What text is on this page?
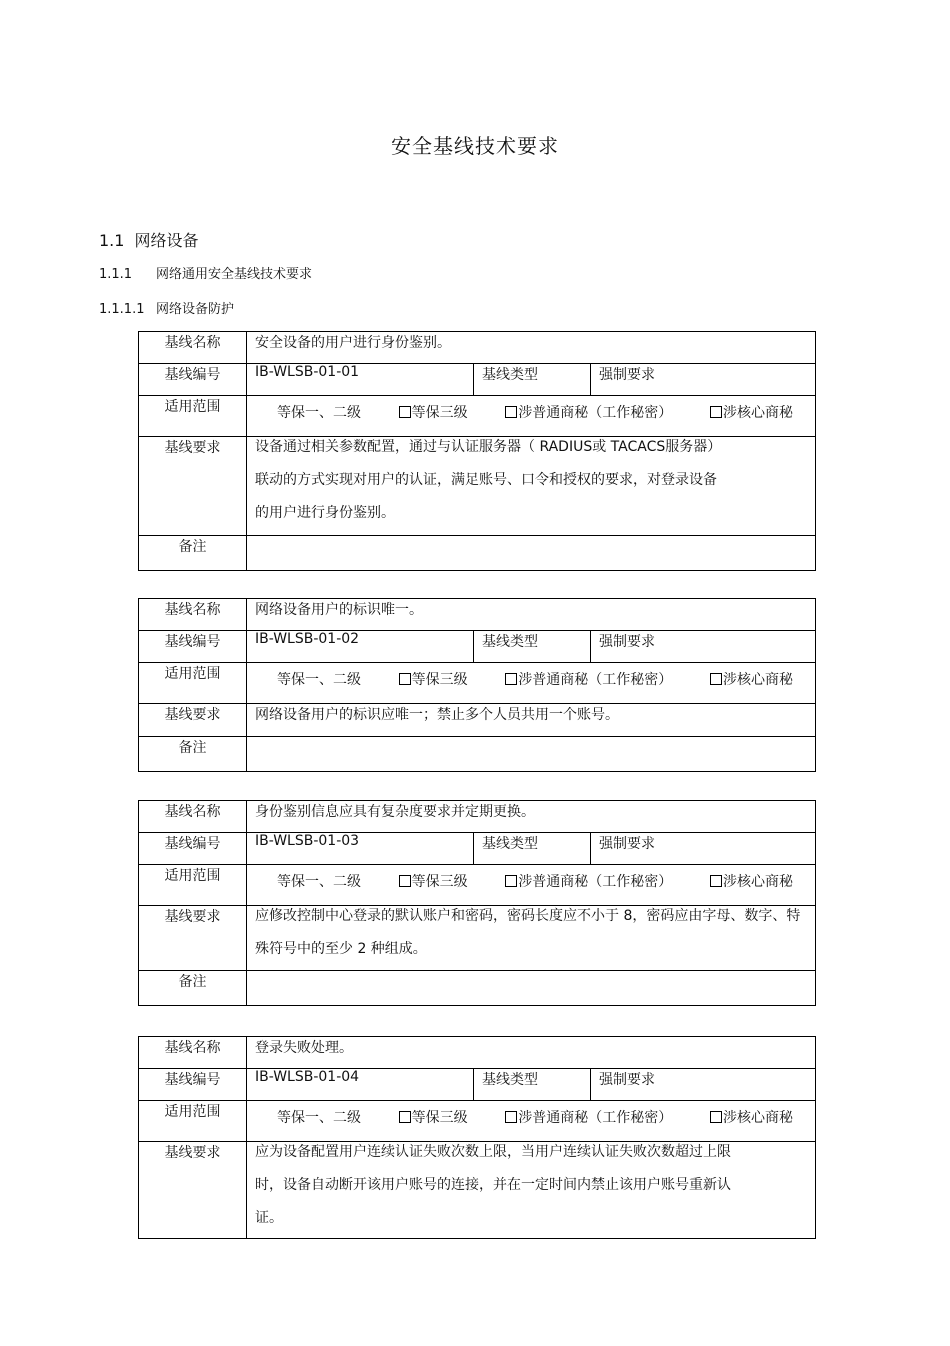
安全基线技术要求
1.1 网络设备
1.1.1 网络通用安全基线技术要求
1.1.1.1 网络设备防护
基线名称	安全设备的用户进行身份鉴别。		
基线编号	IB-WLSB-01-01	基线类型	强制要求
适用范围	等保一、二级 等保三级 涉普通商秘（工作秘密） 涉核心商秘		

基线要求	设备通过相关参数配置，通过与认证服务器（ RADIUS或 TACACS服务器）联动的方式实现对用户的认证，满足账号、口令和授权的要求，对登录设备的用户进行身份鉴别。		

备注			
基线名称	网络设备用户的标识唯一。		
基线编号	IB-WLSB-01-02	基线类型	强制要求
适用范围	等保一、二级 等保三级 涉普通商秘（工作秘密） 涉核心商秘		

基线要求	网络设备用户的标识应唯一；禁止多个人员共用一个账号。		
备注			
基线名称	身份鉴别信息应具有复杂度要求并定期更换。		
基线编号	IB-WLSB-01-03	基线类型	强制要求
适用范围	等保一、二级 等保三级 涉普通商秘（工作秘密） 涉核心商秘		

基线要求	应修改控制中心登录的默认账户和密码，密码长度应不小于 8，密码应由字母、数字、特殊符号中的至少 2 种组成。		

备注			
基线名称	登录失败处理。		
基线编号	IB-WLSB-01-04	基线类型	强制要求
适用范围	等保一、二级 等保三级 涉普通商秘（工作秘密） 涉核心商秘		

基线要求	应为设备配置用户连续认证失败次数上限，当用户连续认证失败次数超过上限时，设备自动断开该用户账号的连接，并在一定时间内禁止该用户账号重新认证。		
